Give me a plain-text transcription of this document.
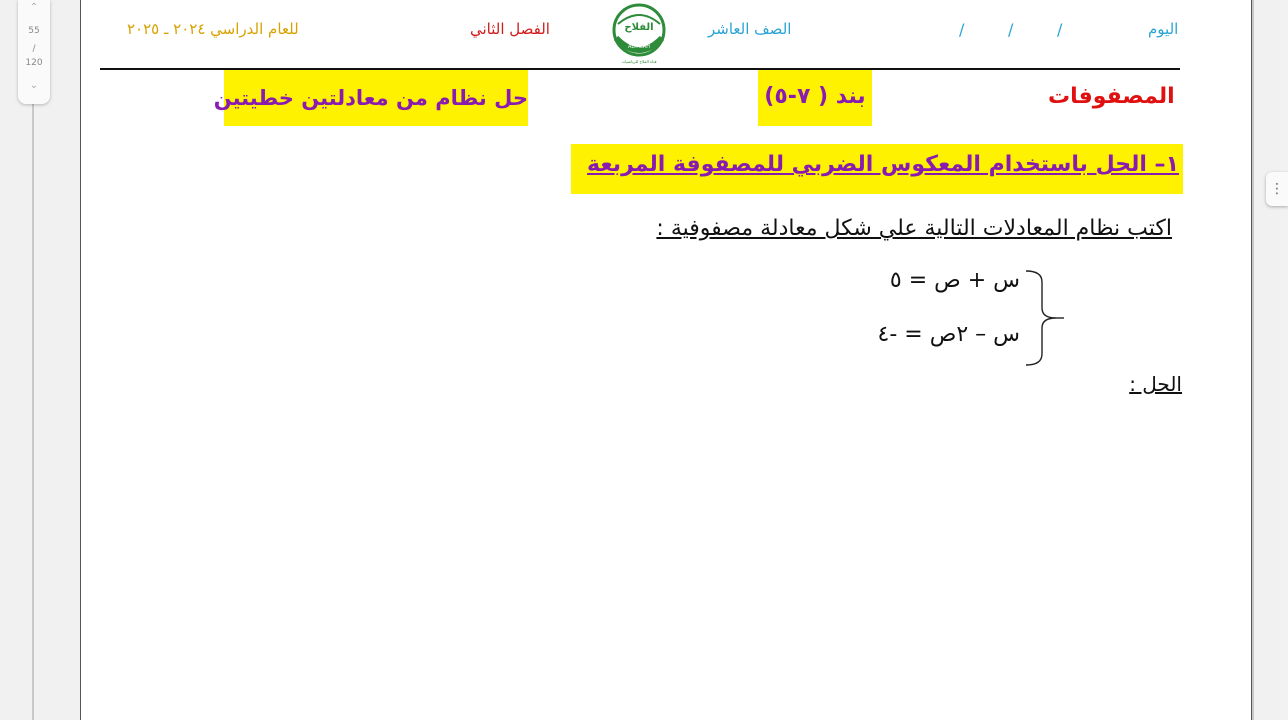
⌃
55
/
120
⌄
⋮
اليوم
/
/
/
الصف العاشر
الفصل الثاني
للعام الدراسي ٢٠٢٤ ـ ٢٠٢٥	الفلاح
ALFALAH
قناة الفلاح للرياضيات
المصفوفات
بند ( ٧-٥)
حل نظام من معادلتين خطيتين
١– الحل باستخدام المعكوس الضربي للمصفوفة المربعة
اكتب نظام المعادلات التالية علي شكل معادلة مصفوفية :
س + ص = ٥
س – ٢ص = -٤
الحل :
